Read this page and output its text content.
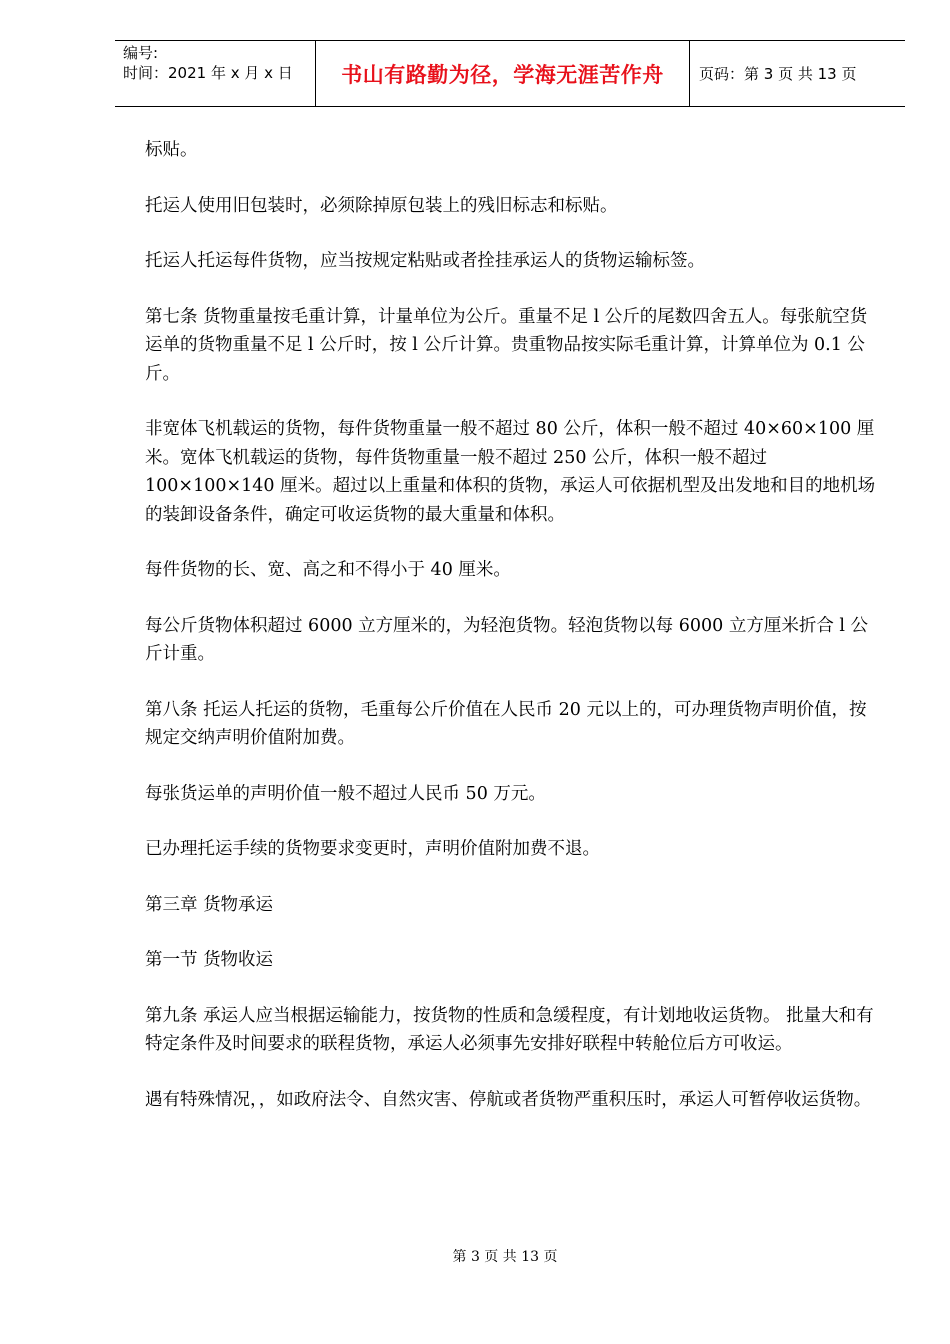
编号:
时间：2021 年 x 月 x 日	书山有路勤为径，学海无涯苦作舟 页码：第 3 页 共 13 页

标贴。

托运人使用旧包装时，必须除掉原包装上的残旧标志和标贴。

托运人托运每件货物，应当按规定粘贴或者拴挂承运人的货物运输标签。

第七条 货物重量按毛重计算，计量单位为公斤。重量不足 l 公斤的尾数四舍五人。每张航空货运单的货物重量不足 l 公斤时，按 l 公斤计算。贵重物品按实际毛重计算，计算单位为 0.1 公斤。

非宽体飞机载运的货物，每件货物重量一般不超过 80 公斤，体积一般不超过 40×60×100 厘米。宽体飞机载运的货物，每件货物重量一般不超过 250 公斤，体积一般不超过 100×100×140 厘米。超过以上重量和体积的货物，承运人可依据机型及出发地和目的地机场的装卸设备条件，确定可收运货物的最大重量和体积。

每件货物的长、宽、高之和不得小于 40 厘米。

每公斤货物体积超过 6000 立方厘米的，为轻泡货物。轻泡货物以每 6000 立方厘米折合 l 公斤计重。

第八条 托运人托运的货物，毛重每公斤价值在人民币 20 元以上的，可办理货物声明价值，按规定交纳声明价值附加费。

每张货运单的声明价值一般不超过人民币 50 万元。

已办理托运手续的货物要求变更时，声明价值附加费不退。

第三章 货物承运

第一节 货物收运

第九条 承运人应当根据运输能力，按货物的性质和急缓程度，有计划地收运货物。 批量大和有特定条件及时间要求的联程货物，承运人必须事先安排好联程中转舱位后方可收运。

遇有特殊情况，，如政府法令、自然灾害、停航或者货物严重积压时，承运人可暂停收运货物。

第 3 页 共 13 页
